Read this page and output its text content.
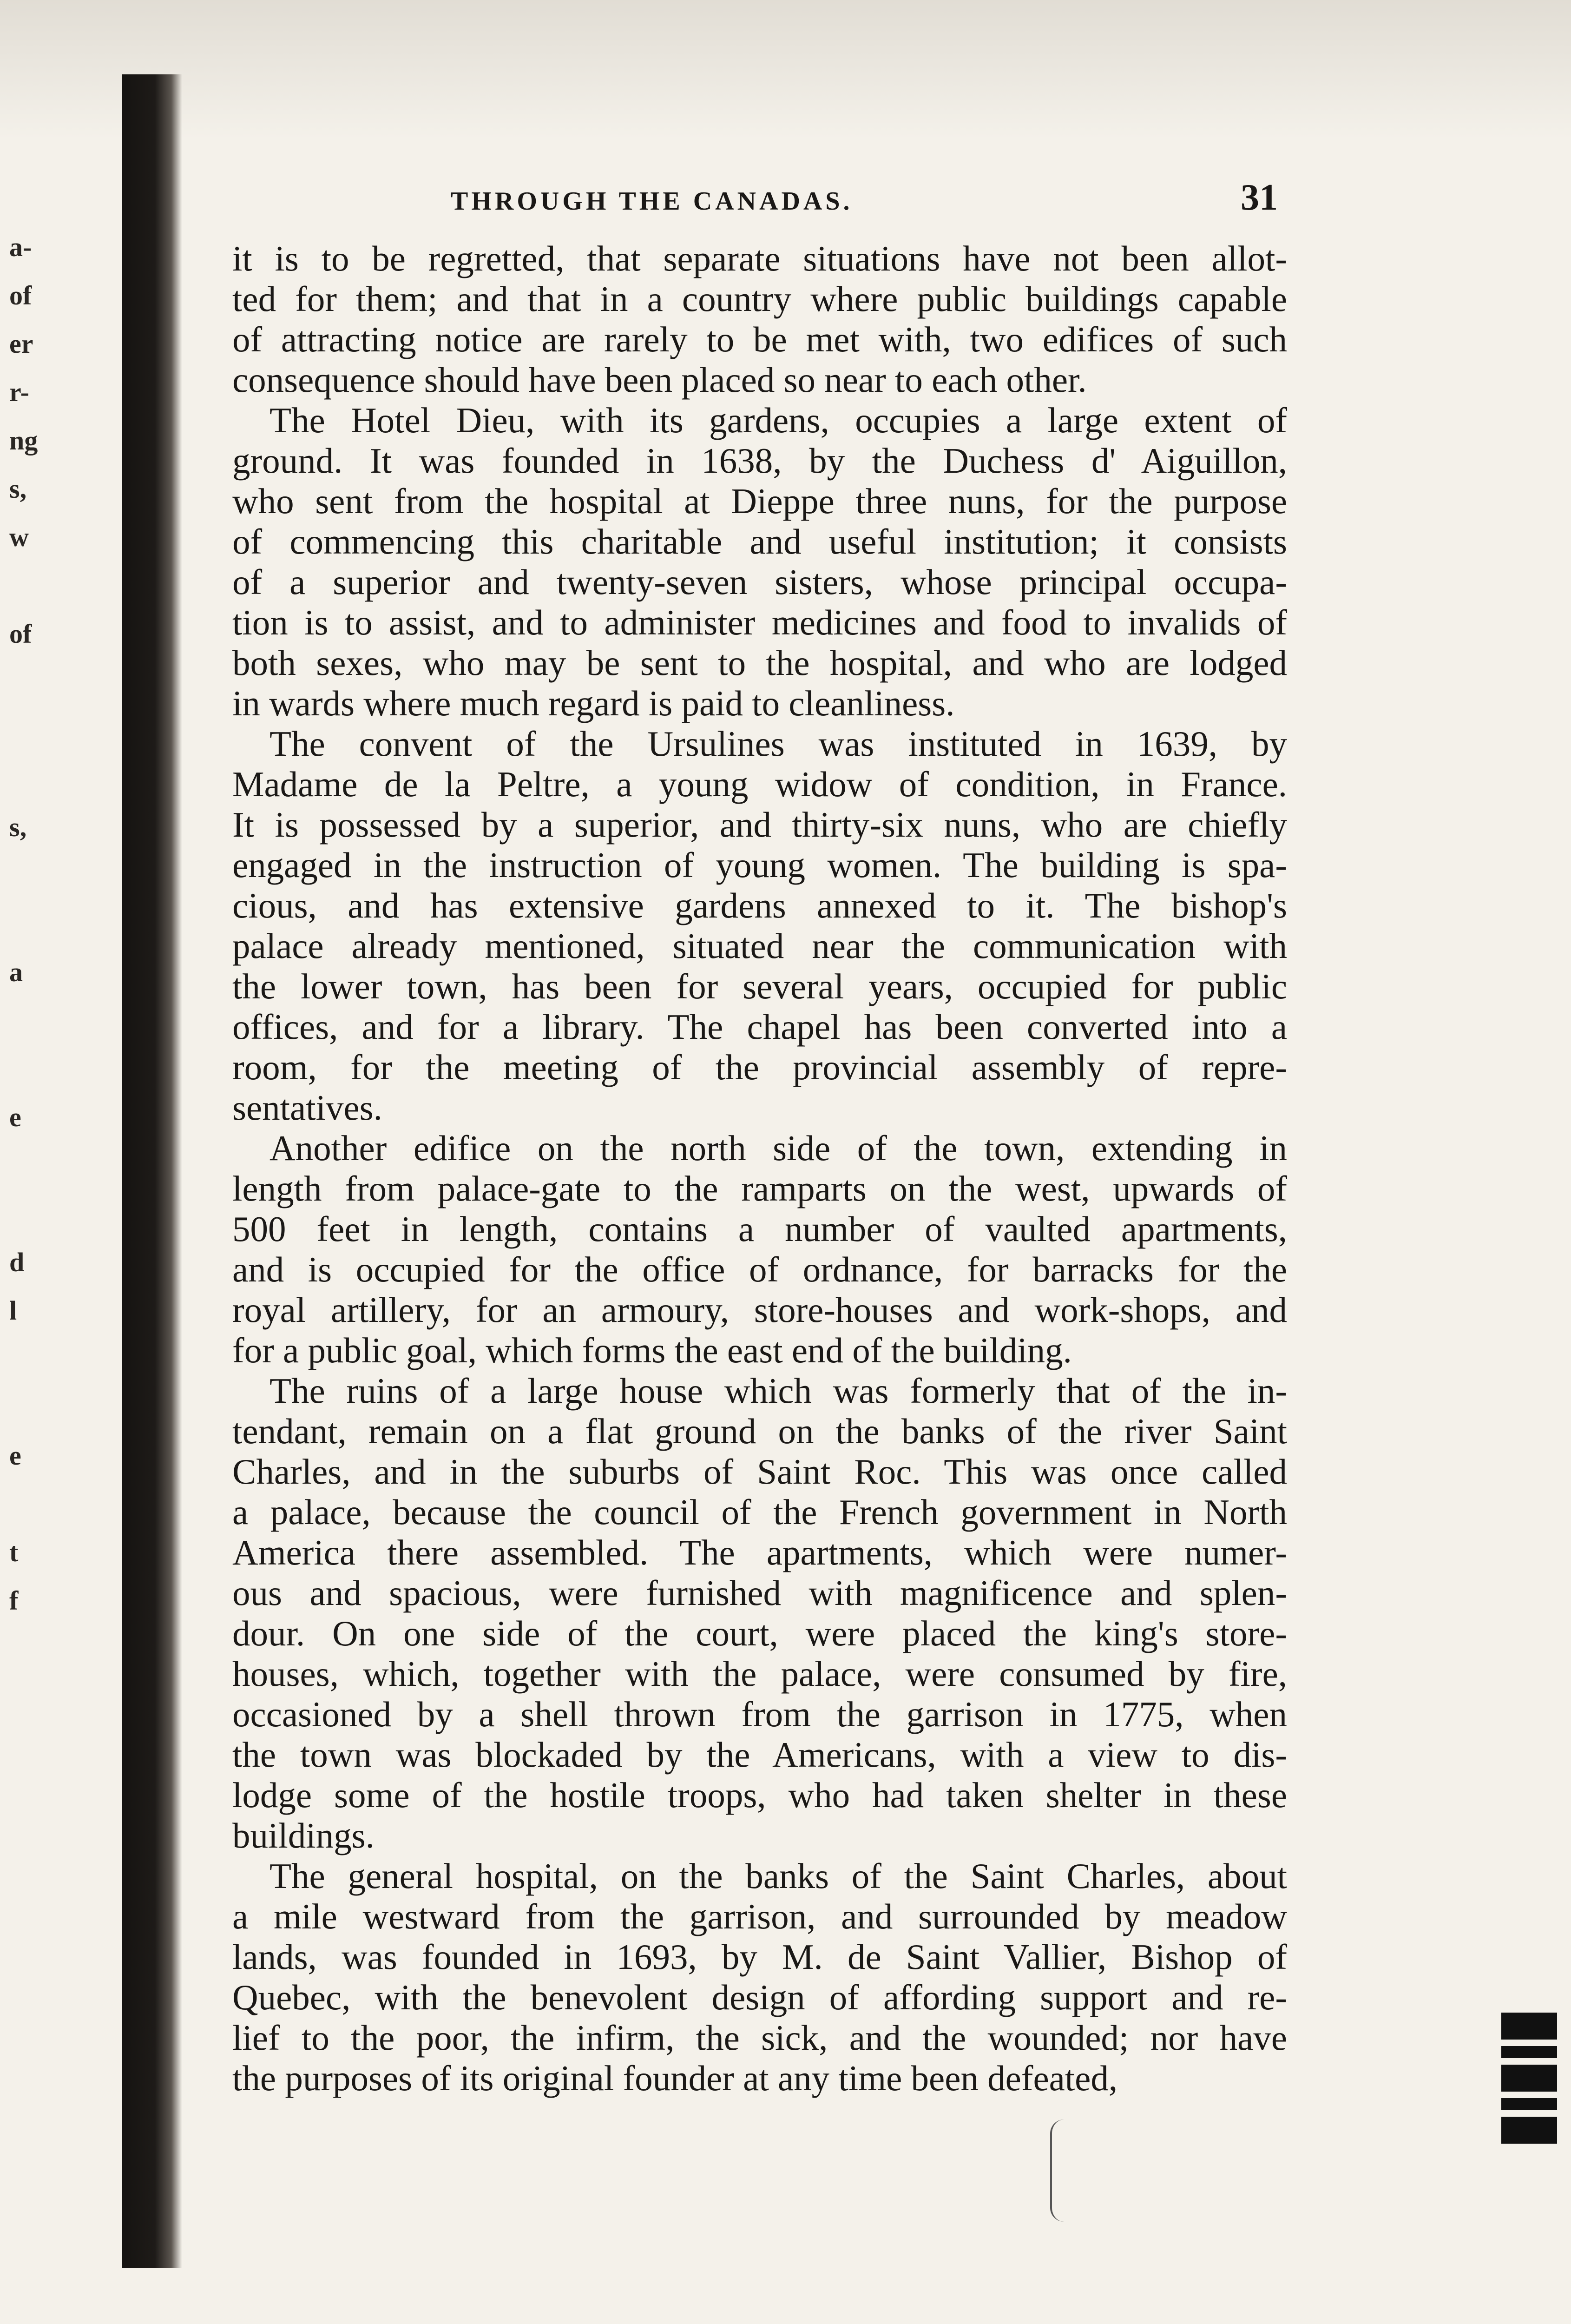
a-
of
er
r-
ng
s,
w
of
s,
a
e
d
l
e
t
f
THROUGH THE CANADAS.	31
it is to be regretted, that separate situations have not been allot-
ted for them; and that in a country where public buildings capable
of attracting notice are rarely to be met with, two edifices of such
consequence should have been placed so near to each other.
The Hotel Dieu, with its gardens, occupies a large extent of
ground. It was founded in 1638, by the Duchess d' Aiguillon,
who sent from the hospital at Dieppe three nuns, for the purpose
of commencing this charitable and useful institution; it consists
of a superior and twenty-seven sisters, whose principal occupa-
tion is to assist, and to administer medicines and food to invalids of
both sexes, who may be sent to the hospital, and who are lodged
in wards where much regard is paid to cleanliness.
The convent of the Ursulines was instituted in 1639, by
Madame de la Peltre, a young widow of condition, in France.
It is possessed by a superior, and thirty-six nuns, who are chiefly
engaged in the instruction of young women. The building is spa-
cious, and has extensive gardens annexed to it. The bishop's
palace already mentioned, situated near the communication with
the lower town, has been for several years, occupied for public
offices, and for a library. The chapel has been converted into a
room, for the meeting of the provincial assembly of repre-
sentatives.
Another edifice on the north side of the town, extending in
length from palace-gate to the ramparts on the west, upwards of
500 feet in length, contains a number of vaulted apartments,
and is occupied for the office of ordnance, for barracks for the
royal artillery, for an armoury, store-houses and work-shops, and
for a public goal, which forms the east end of the building.
The ruins of a large house which was formerly that of the in-
tendant, remain on a flat ground on the banks of the river Saint
Charles, and in the suburbs of Saint Roc. This was once called
a palace, because the council of the French government in North
America there assembled. The apartments, which were numer-
ous and spacious, were furnished with magnificence and splen-
dour. On one side of the court, were placed the king's store-
houses, which, together with the palace, were consumed by fire,
occasioned by a shell thrown from the garrison in 1775, when
the town was blockaded by the Americans, with a view to dis-
lodge some of the hostile troops, who had taken shelter in these
buildings.
The general hospital, on the banks of the Saint Charles, about
a mile westward from the garrison, and surrounded by meadow
lands, was founded in 1693, by M. de Saint Vallier, Bishop of
Quebec, with the benevolent design of affording support and re-
lief to the poor, the infirm, the sick, and the wounded; nor have
the purposes of its original founder at any time been defeated,
